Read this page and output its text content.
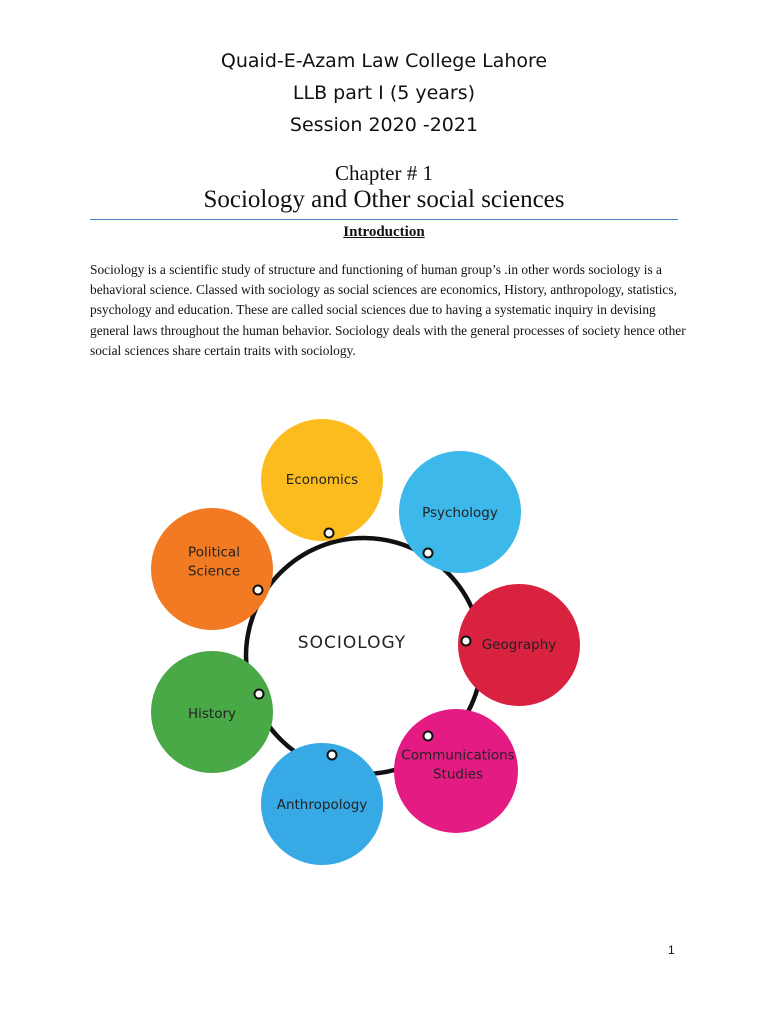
Quaid-E-Azam Law College Lahore
LLB part I (5 years)
Session 2020 -2021
Chapter # 1
Sociology and Other social sciences
Introduction

Sociology is a scientific study of structure and functioning of human group’s .in other words sociology is a behavioral science. Classed with sociology as social sciences are economics, History, anthropology, statistics, psychology and education. These are called social sciences due to having a systematic inquiry in devising general laws throughout the human behavior. Sociology deals with the general processes of society hence other social sciences share certain traits with sociology.

SOCIOLOGY
Economics
Psychology
Geography
Communications Studies
Anthropology
History
Political Science
1
